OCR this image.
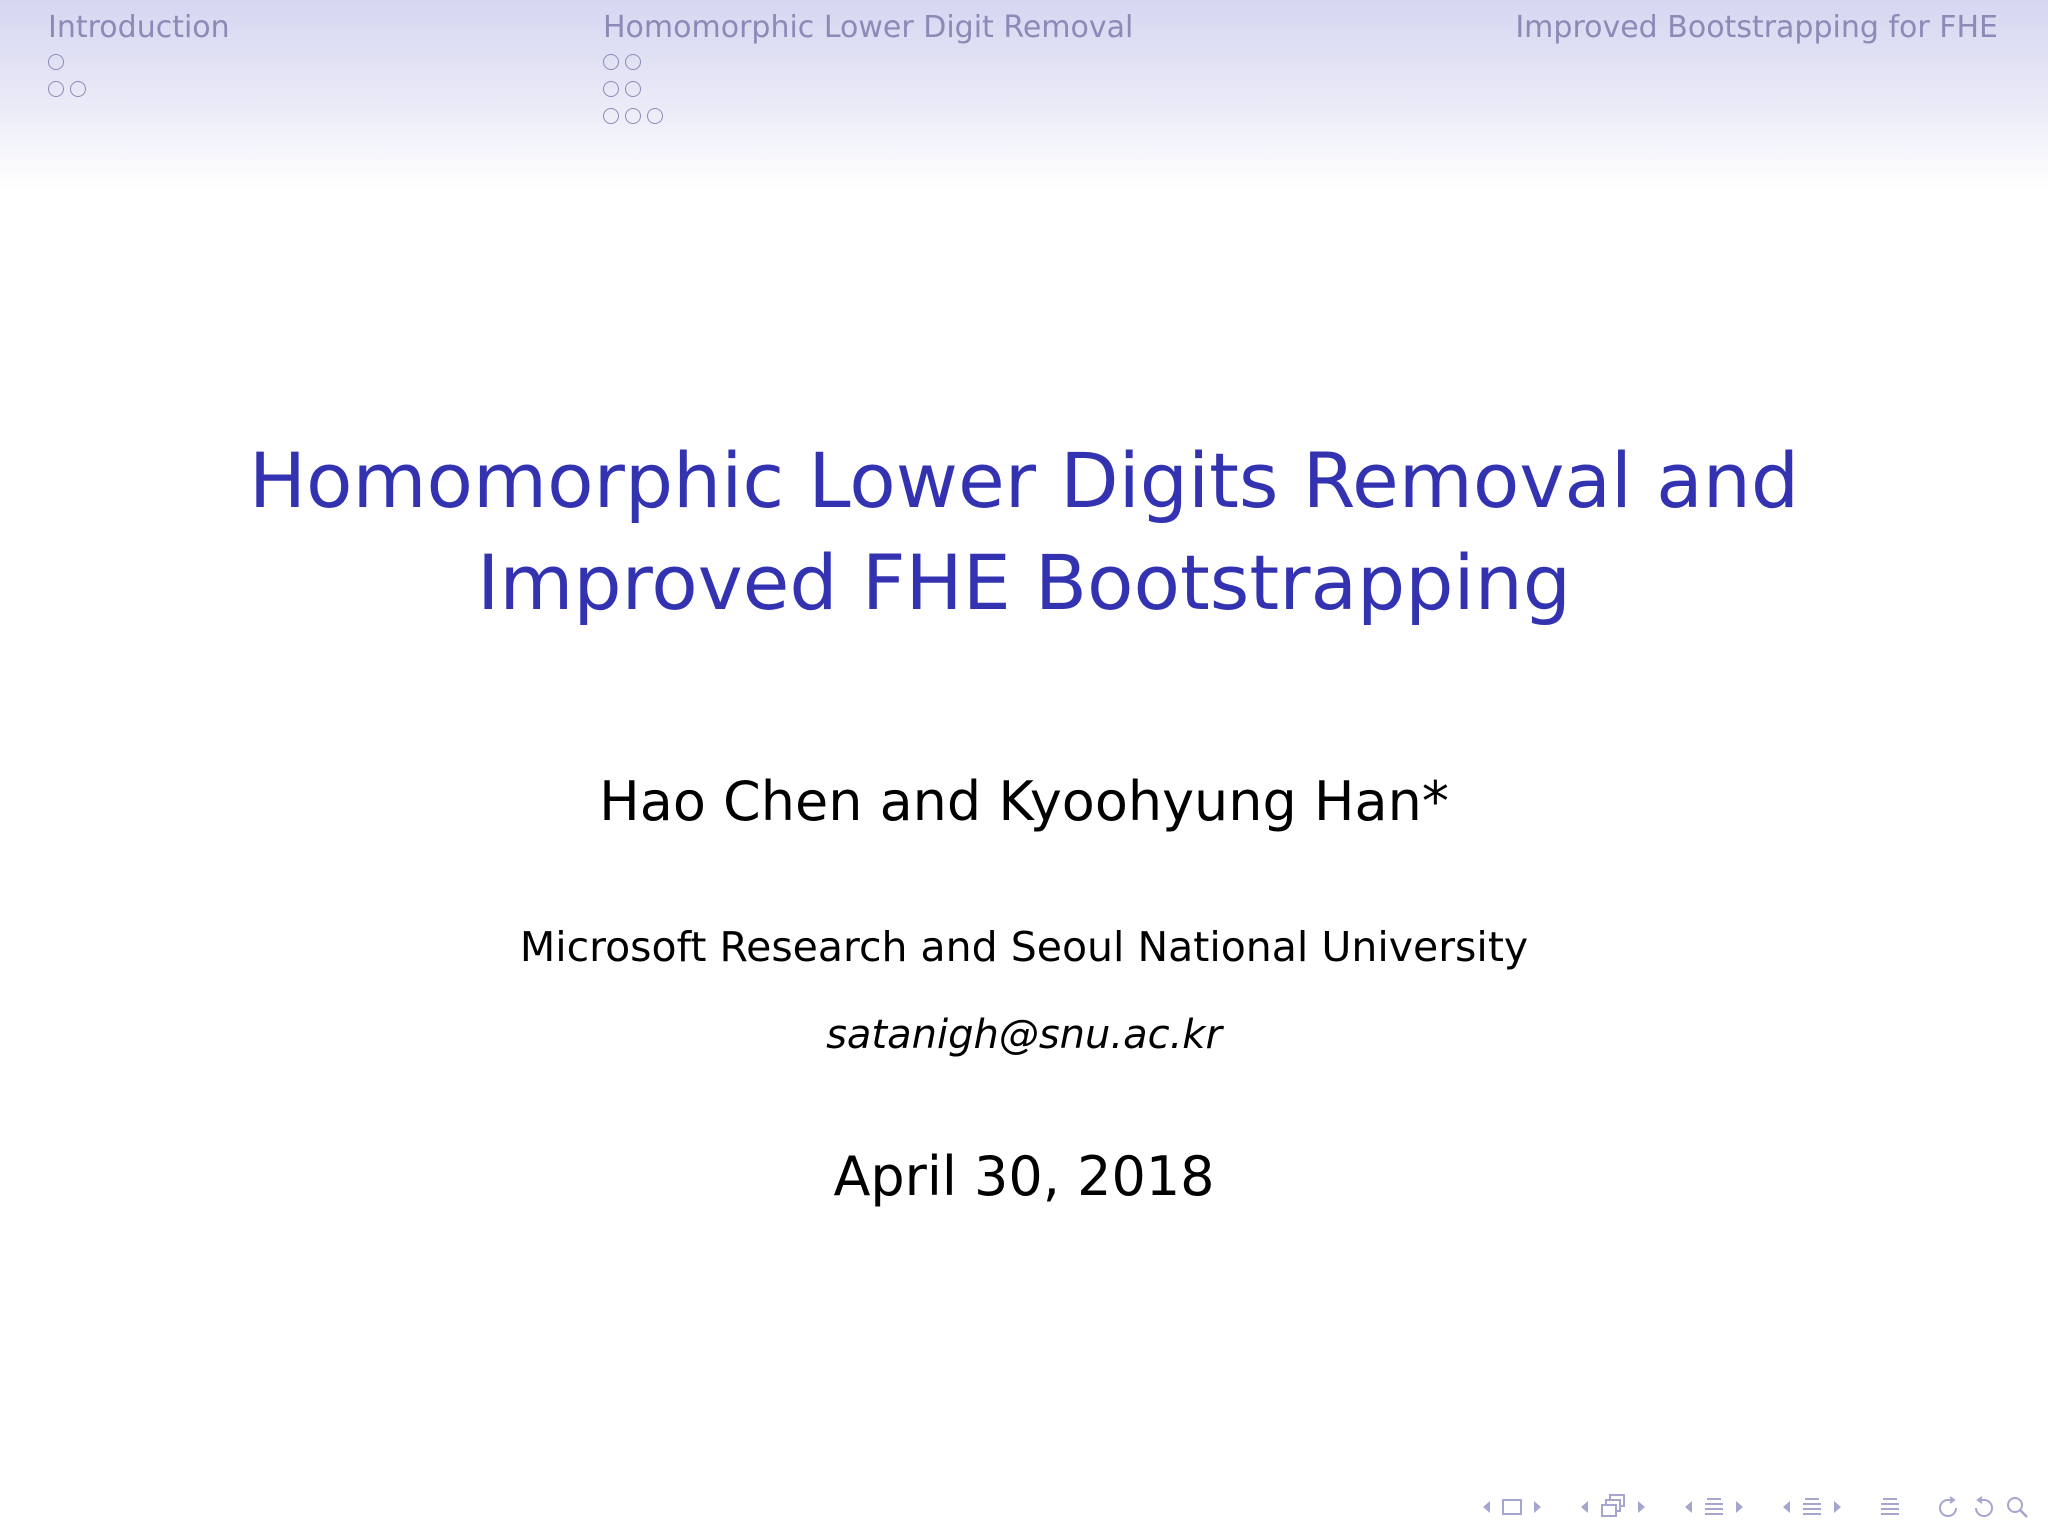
Introduction	Homomorphic Lower Digit Removal	Improved Bootstrapping for FHE
Homomorphic Lower Digits Removal and
Improved FHE Bootstrapping
Hao Chen and Kyoohyung Han*
Microsoft Research and Seoul National University
satanigh@snu.ac.kr
April 30, 2018
